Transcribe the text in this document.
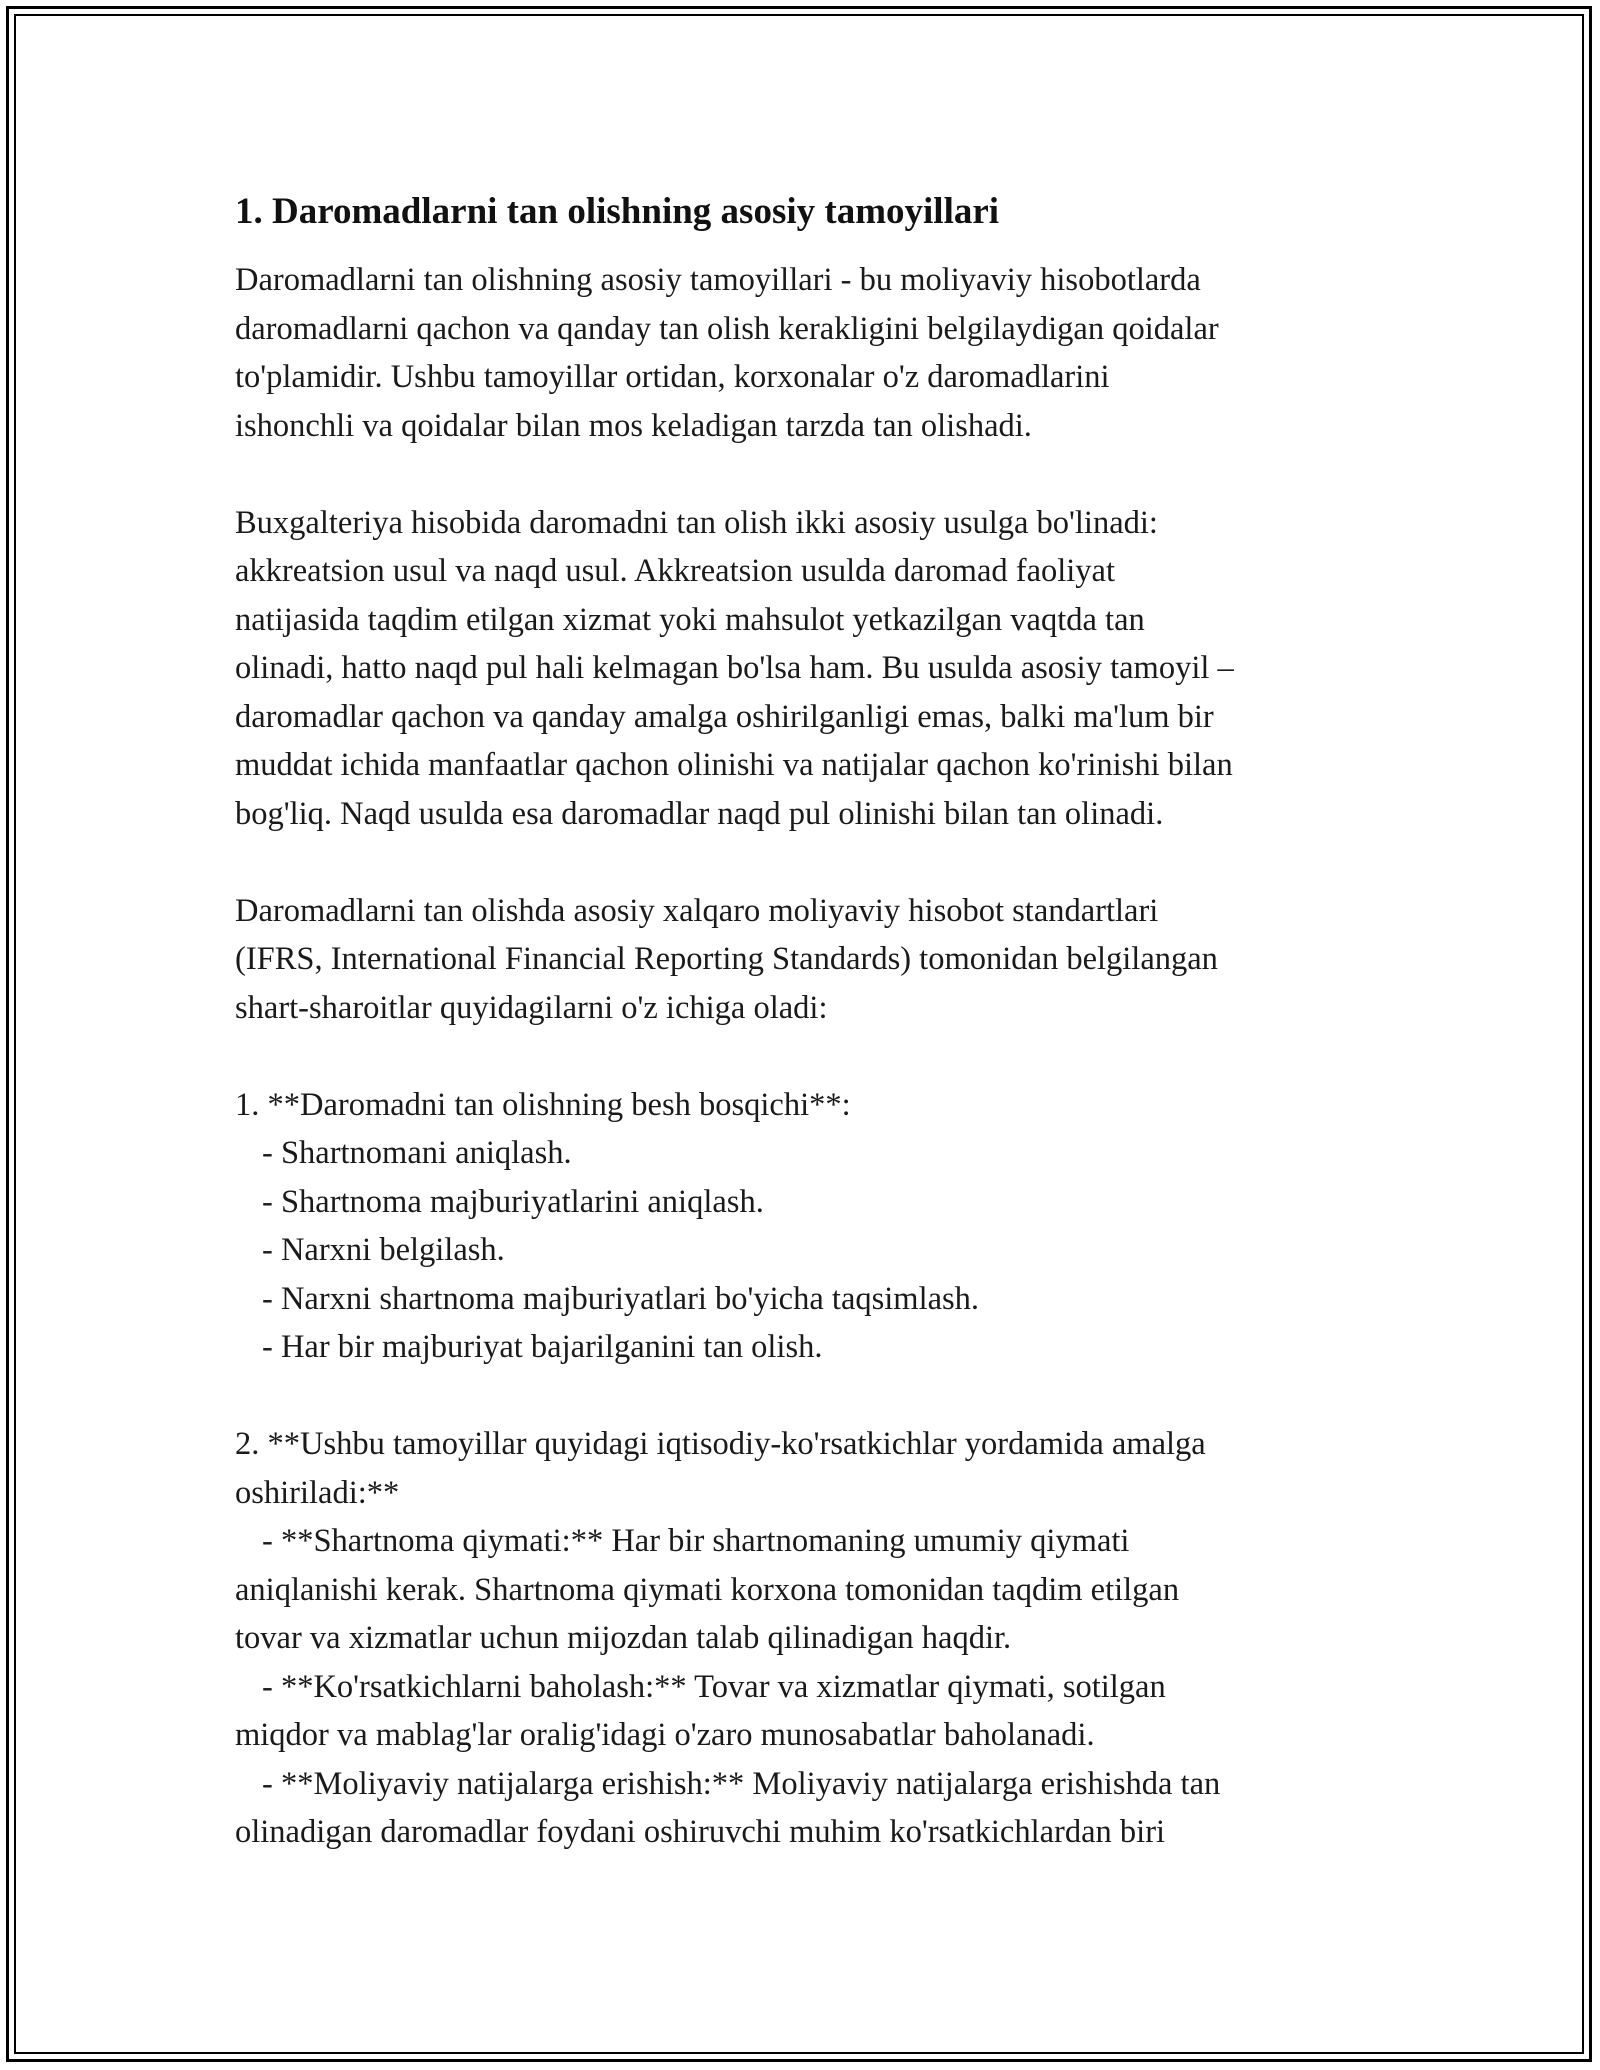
1. Daromadlarni tan olishning asosiy tamoyillari
Daromadlarni tan olishning asosiy tamoyillari - bu moliyaviy hisobotlarda
daromadlarni qachon va qanday tan olish kerakligini belgilaydigan qoidalar
to'plamidir. Ushbu tamoyillar ortidan, korxonalar o'z daromadlarini
ishonchli va qoidalar bilan mos keladigan tarzda tan olishadi.
Buxgalteriya hisobida daromadni tan olish ikki asosiy usulga bo'linadi:
akkreatsion usul va naqd usul. Akkreatsion usulda daromad faoliyat
natijasida taqdim etilgan xizmat yoki mahsulot yetkazilgan vaqtda tan
olinadi, hatto naqd pul hali kelmagan bo'lsa ham. Bu usulda asosiy tamoyil –
daromadlar qachon va qanday amalga oshirilganligi emas, balki ma'lum bir
muddat ichida manfaatlar qachon olinishi va natijalar qachon ko'rinishi bilan
bog'liq. Naqd usulda esa daromadlar naqd pul olinishi bilan tan olinadi.
Daromadlarni tan olishda asosiy xalqaro moliyaviy hisobot standartlari
(IFRS, International Financial Reporting Standards) tomonidan belgilangan
shart-sharoitlar quyidagilarni o'z ichiga oladi:
1. **Daromadni tan olishning besh bosqichi**:
- Shartnomani aniqlash.
- Shartnoma majburiyatlarini aniqlash.
- Narxni belgilash.
- Narxni shartnoma majburiyatlari bo'yicha taqsimlash.
- Har bir majburiyat bajarilganini tan olish.
2. **Ushbu tamoyillar quyidagi iqtisodiy-ko'rsatkichlar yordamida amalga
oshiriladi:**
- **Shartnoma qiymati:** Har bir shartnomaning umumiy qiymati
aniqlanishi kerak. Shartnoma qiymati korxona tomonidan taqdim etilgan
tovar va xizmatlar uchun mijozdan talab qilinadigan haqdir.
- **Ko'rsatkichlarni baholash:** Tovar va xizmatlar qiymati, sotilgan
miqdor va mablag'lar oralig'idagi o'zaro munosabatlar baholanadi.
- **Moliyaviy natijalarga erishish:** Moliyaviy natijalarga erishishda tan
olinadigan daromadlar foydani oshiruvchi muhim ko'rsatkichlardan biri
